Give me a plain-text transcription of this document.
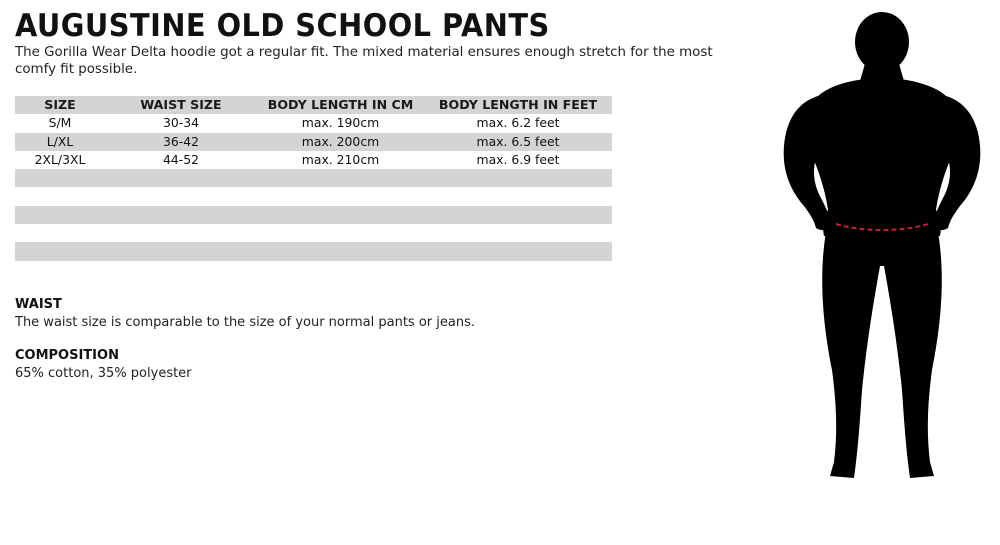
AUGUSTINE OLD SCHOOL PANTS
The Gorilla Wear Delta hoodie got a regular fit. The mixed material ensures enough stretch for the most comfy fit possible.
SIZE	WAIST SIZE	BODY LENGTH IN CM	BODY LENGTH IN FEET
S/M	30-34	max. 190cm	max. 6.2 feet
L/XL	36-42	max. 200cm	max. 6.5 feet
2XL/3XL	44-52	max. 210cm	max. 6.9 feet

WAIST
The waist size is comparable to the size of your normal pants or jeans.
COMPOSITION
65% cotton, 35% polyester
